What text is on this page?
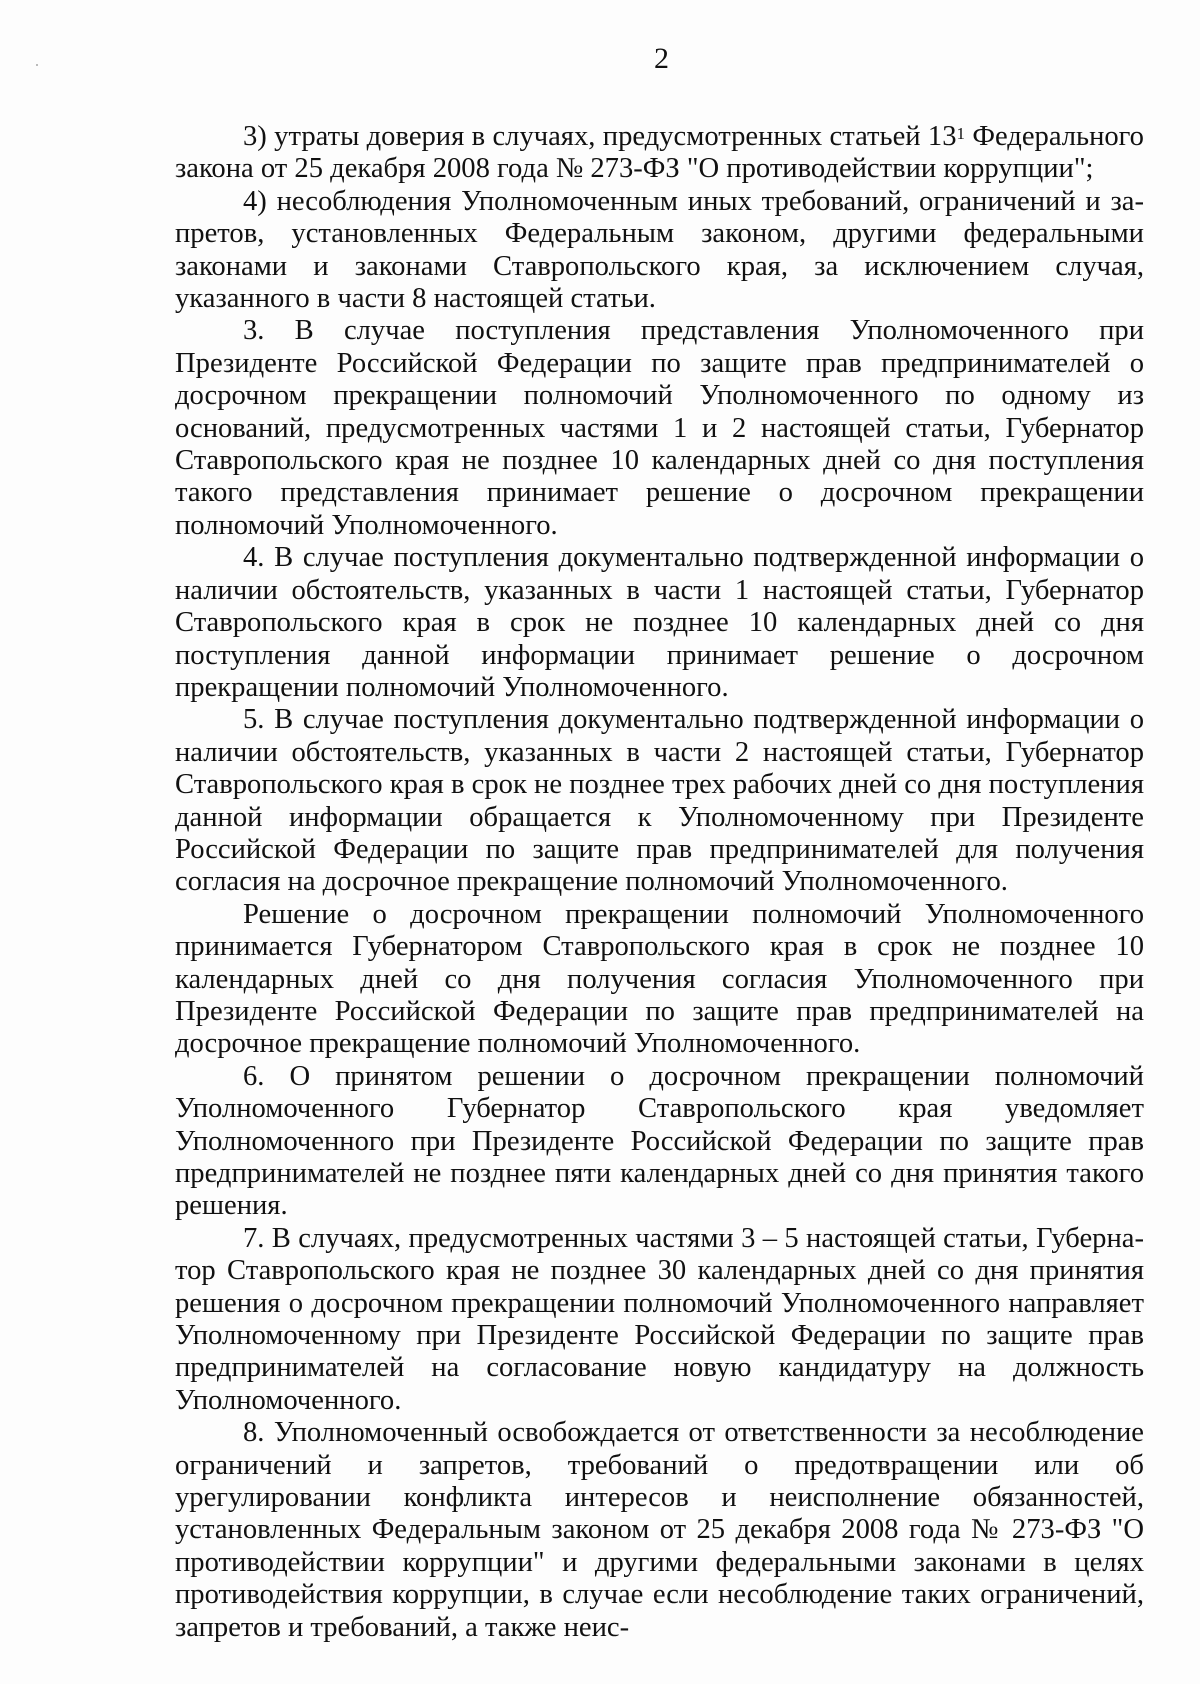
2

3) утраты доверия в случаях, предусмотренных статьей $13^1$ Федерального закона от 25 декабря 2008 года № 273-ФЗ "О противодействии коррупции";

4) несоблюдения Уполномоченным иных требований, ограничений и запретов, установленных Федеральным законом, другими федеральными законами и законами Ставропольского края, за исключением случая, указанного в части 8 настоящей статьи.

3. В случае поступления представления Уполномоченного при Президенте Российской Федерации по защите прав предпринимателей о досрочном прекращении полномочий Уполномоченного по одному из оснований, предусмотренных частями 1 и 2 настоящей статьи, Губернатор Ставропольского края не позднее 10 календарных дней со дня поступления такого представления принимает решение о досрочном прекращении полномочий Уполномоченного.

4. В случае поступления документально подтвержденной информации о наличии обстоятельств, указанных в части 1 настоящей статьи, Губернатор Ставропольского края в срок не позднее 10 календарных дней со дня поступления данной информации принимает решение о досрочном прекращении полномочий Уполномоченного.

5. В случае поступления документально подтвержденной информации о наличии обстоятельств, указанных в части 2 настоящей статьи, Губернатор Ставропольского края в срок не позднее трех рабочих дней со дня поступления данной информации обращается к Уполномоченному при Президенте Российской Федерации по защите прав предпринимателей для получения согласия на досрочное прекращение полномочий Уполномоченного.

Решение о досрочном прекращении полномочий Уполномоченного принимается Губернатором Ставропольского края в срок не позднее 10 календарных дней со дня получения согласия Уполномоченного при Президенте Российской Федерации по защите прав предпринимателей на досрочное прекращение полномочий Уполномоченного.

6. О принятом решении о досрочном прекращении полномочий Уполномоченного Губернатор Ставропольского края уведомляет Уполномоченного при Президенте Российской Федерации по защите прав предпринимателей не позднее пяти календарных дней со дня принятия такого решения.

7. В случаях, предусмотренных частями 3 – 5 настоящей статьи, Губернатор Ставропольского края не позднее 30 календарных дней со дня принятия решения о досрочном прекращении полномочий Уполномоченного направляет Уполномоченному при Президенте Российской Федерации по защите прав предпринимателей на согласование новую кандидатуру на должность Уполномоченного.

8. Уполномоченный освобождается от ответственности за несоблюдение ограничений и запретов, требований о предотвращении или об урегулировании конфликта интересов и неисполнение обязанностей, установленных Федеральным законом от 25 декабря 2008 года № 273-ФЗ "О противодействии коррупции" и другими федеральными законами в целях противодействия коррупции, в случае если несоблюдение таких ограничений, запретов и требований, а также неис-
